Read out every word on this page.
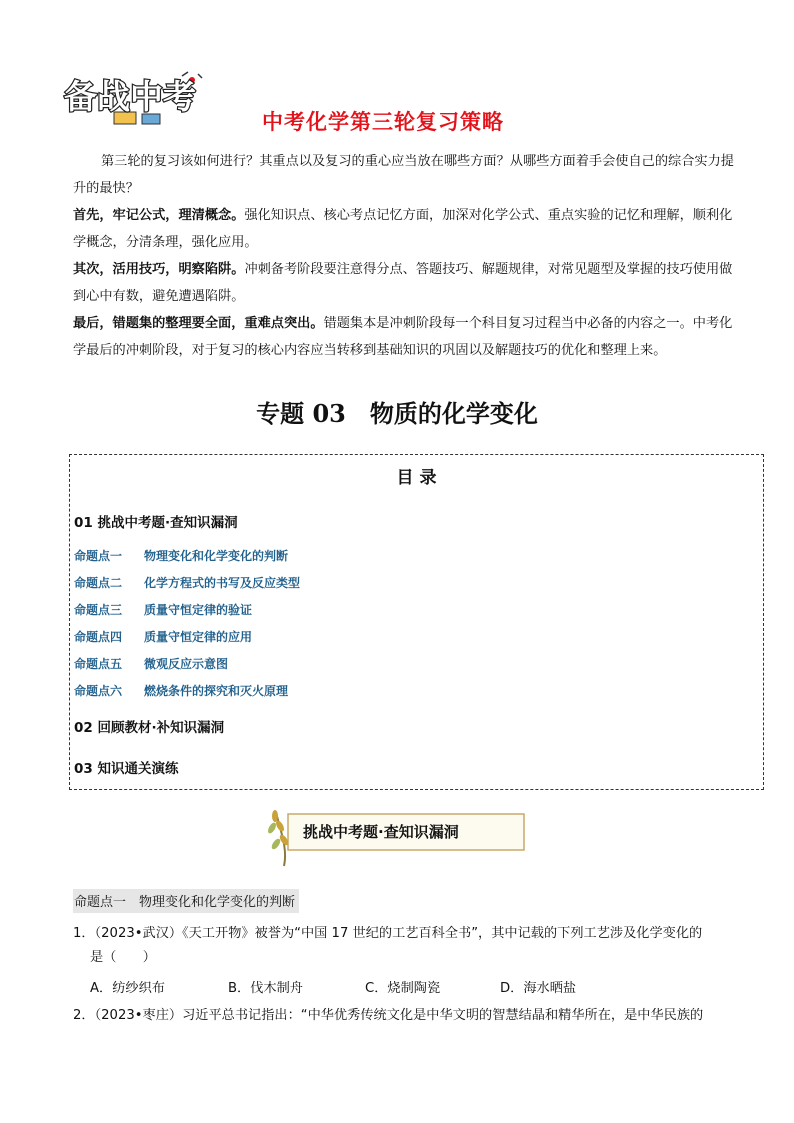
备战中考
中考化学第三轮复习策略

第三轮的复习该如何进行？其重点以及复习的重心应当放在哪些方面？从哪些方面着手会使自己的综合实力提升的最快？

首先，牢记公式，理清概念。强化知识点、核心考点记忆方面，加深对化学公式、重点实验的记忆和理解，顺利化学概念，分清条理，强化应用。

其次，活用技巧，明察陷阱。冲刺备考阶段要注意得分点、答题技巧、解题规律，对常见题型及掌握的技巧使用做到心中有数，避免遭遇陷阱。

最后，错题集的整理要全面，重难点突出。错题集本是冲刺阶段每一个科目复习过程当中必备的内容之一。中考化学最后的冲刺阶段，对于复习的核心内容应当转移到基础知识的巩固以及解题技巧的优化和整理上来。

专题 03　物质的化学变化
目 录
01 挑战中考题·查知识漏洞
命题点一 物理变化和化学变化的判断
命题点二 化学方程式的书写及反应类型
命题点三 质量守恒定律的验证
命题点四 质量守恒定律的应用
命题点五 微观反应示意图
命题点六 燃烧条件的探究和灭火原理
02 回顾教材·补知识漏洞
03 知识通关演练
挑战中考题·查知识漏洞
命题点一　物理变化和化学变化的判断
1．（2023•武汉）《天工开物》被誉为“中国 17 世纪的工艺百科全书”，其中记载的下列工艺涉及化学变化的
是（　　）
A．纺纱织布	B．伐木制舟	C．烧制陶瓷	D．海水晒盐
2．（2023•枣庄）习近平总书记指出：“中华优秀传统文化是中华文明的智慧结晶和精华所在，是中华民族的
